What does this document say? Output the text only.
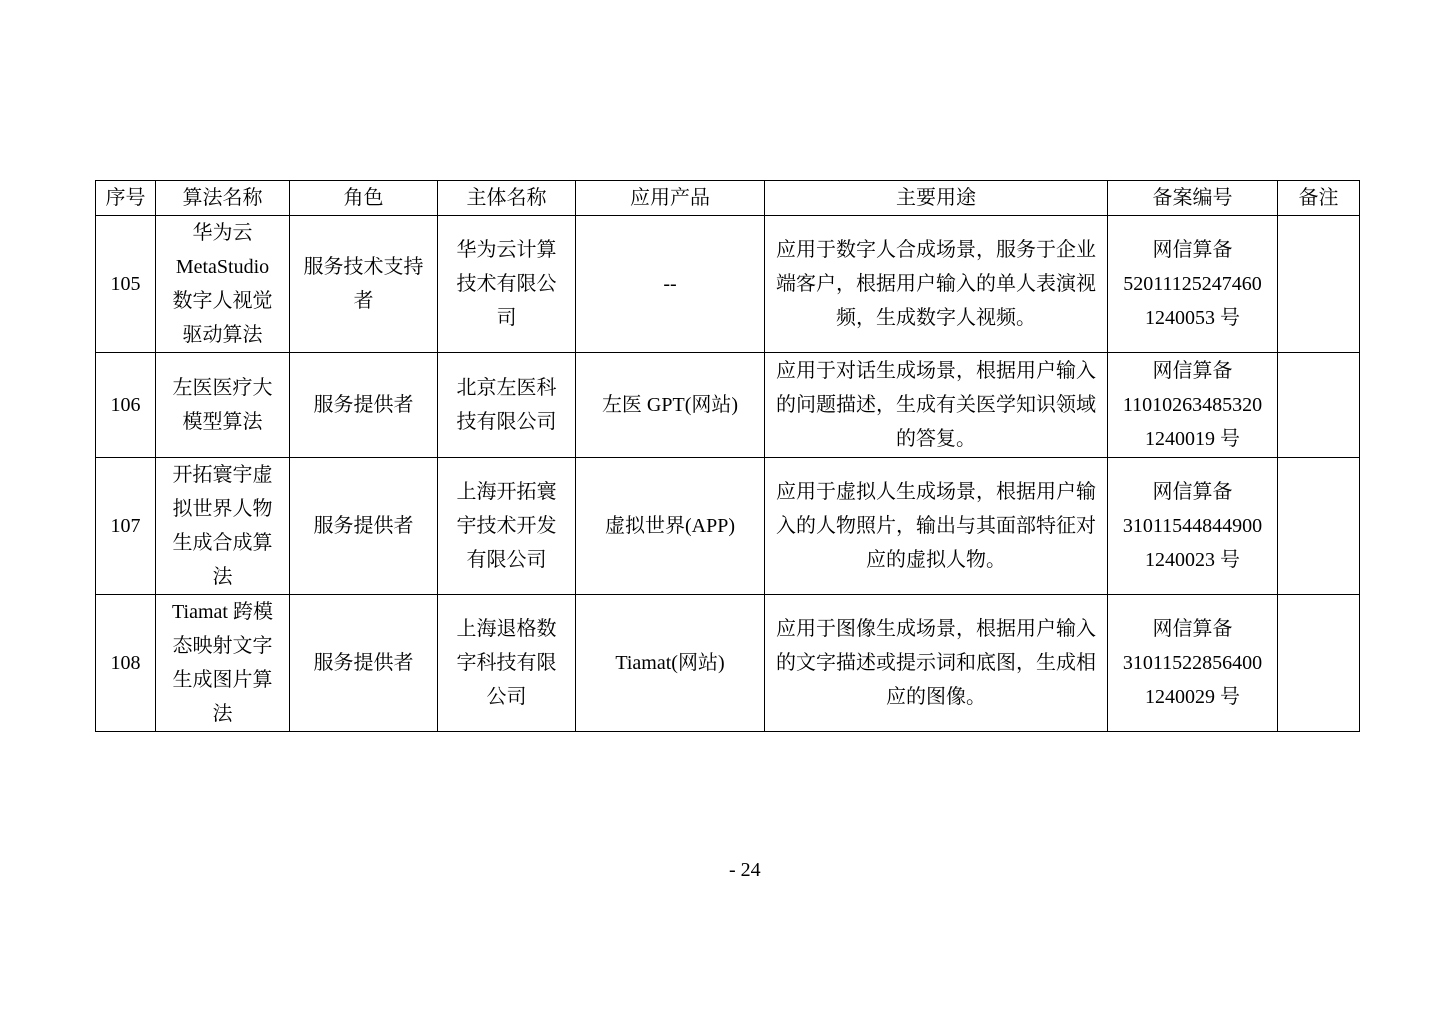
序号	算法名称	角色	主体名称	应用产品	主要用途	备案编号	备注
105	华为云
MetaStudio
数字人视觉
驱动算法	服务技术支持
者	华为云计算
技术有限公
司	--	应用于数字人合成场景，服务于企业
端客户，根据用户输入的单人表演视
频，生成数字人视频。	网信算备
52011125247460
1240053 号	
106	左医医疗大
模型算法	服务提供者	北京左医科
技有限公司	左医 GPT(网站)	应用于对话生成场景，根据用户输入
的问题描述，生成有关医学知识领域
的答复。	网信算备
11010263485320
1240019 号	
107	开拓寰宇虚
拟世界人物
生成合成算
法	服务提供者	上海开拓寰
宇技术开发
有限公司	虚拟世界(APP)	应用于虚拟人生成场景，根据用户输
入的人物照片，输出与其面部特征对
应的虚拟人物。	网信算备
31011544844900
1240023 号	
108	Tiamat 跨模
态映射文字
生成图片算
法	服务提供者	上海退格数
字科技有限
公司	Tiamat(网站)	应用于图像生成场景，根据用户输入
的文字描述或提示词和底图，生成相
应的图像。	网信算备
31011522856400
1240029 号	
- 24
